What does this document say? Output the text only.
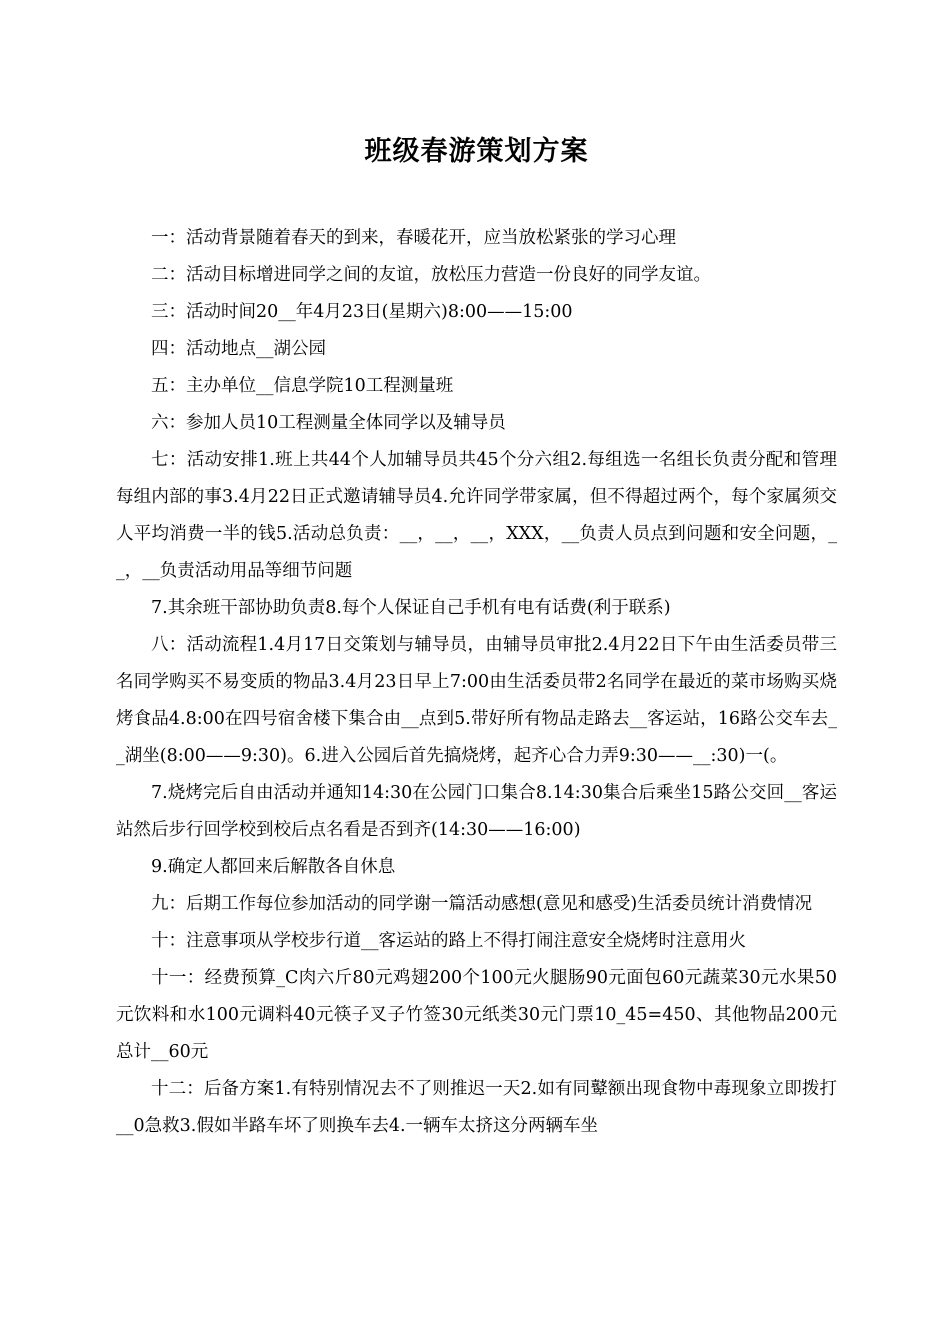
班级春游策划方案

一：活动背景随着春天的到来，春暖花开，应当放松紧张的学习心理

二：活动目标增进同学之间的友谊，放松压力营造一份良好的同学友谊。

三：活动时间20__年4月23日(星期六)8:00——15:00

四：活动地点__湖公园

五：主办单位__信息学院10工程测量班

六：参加人员10工程测量全体同学以及辅导员

七：活动安排1.班上共44个人加辅导员共45个分六组2.每组选一名组长负责分配和管理每组内部的事3.4月22日正式邀请辅导员4.允许同学带家属，但不得超过两个，每个家属须交人平均消费一半的钱5.活动总负责：__，__，__，XXX，__负责人员点到问题和安全问题，__，__负责活动用品等细节问题

7.其余班干部协助负责8.每个人保证自己手机有电有话费(利于联系)

八：活动流程1.4月17日交策划与辅导员，由辅导员审批2.4月22日下午由生活委员带三名同学购买不易变质的物品3.4月23日早上7:00由生活委员带2名同学在最近的菜市场购买烧烤食品4.8:00在四号宿舍楼下集合由__点到5.带好所有物品走路去__客运站，16路公交车去__湖坐(8:00——9:30)。6.进入公园后首先搞烧烤，起齐心合力弄9:30——__:30)一(。

7.烧烤完后自由活动并通知14:30在公园门口集合8.14:30集合后乘坐15路公交回__客运站然后步行回学校到校后点名看是否到齐(14:30——16:00)

9.确定人都回来后解散各自休息

九：后期工作每位参加活动的同学谢一篇活动感想(意见和感受)生活委员统计消费情况

十：注意事项从学校步行道__客运站的路上不得打闹注意安全烧烤时注意用火

十一：经费预算_C肉六斤80元鸡翅200个100元火腿肠90元面包60元蔬菜30元水果50元饮料和水100元调料40元筷子叉子竹签30元纸类30元门票10_45=450、其他物品200元总计__60元

十二：后备方案1.有特别情况去不了则推迟一天2.如有同鼙额出现食物中毒现象立即拨打__0急救3.假如半路车坏了则换车去4.一辆车太挤这分两辆车坐
